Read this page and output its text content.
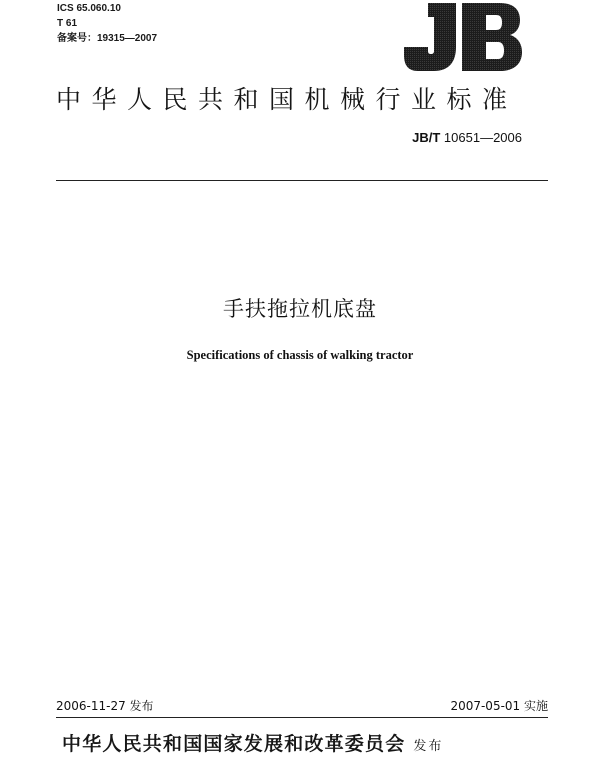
ICS 65.060.10
T 61
备案号：19315—2007
JB
中华人民共和国机械行业标准
JB/T 10651—2006
手扶拖拉机底盘
Specifications of chassis of walking tractor
2006-11-27 发布	2007-05-01 实施
中华人民共和国国家发展和改革委员会 发布
